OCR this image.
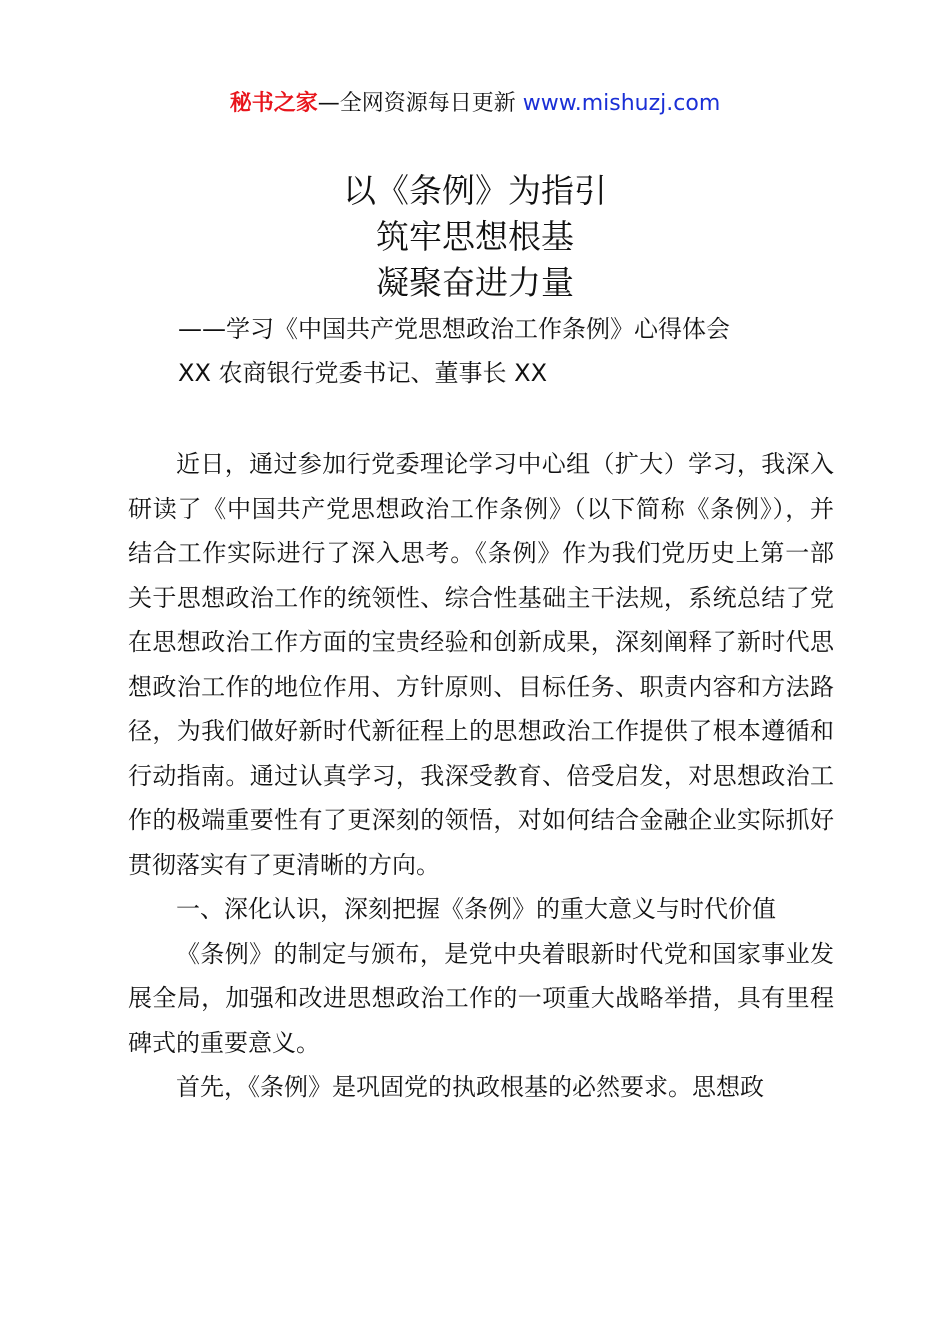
秘书之家—全网资源每日更新 www.mishuzj.com
以《条例》为指引
筑牢思想根基
凝聚奋进力量
——学习《中国共产党思想政治工作条例》心得体会
XX 农商银行党委书记、董事长 XX

近日，通过参加行党委理论学习中心组（扩大）学习，我深入研读了《中国共产党思想政治工作条例》（以下简称《条例》），并结合工作实际进行了深入思考。《条例》作为我们党历史上第一部关于思想政治工作的统领性、综合性基础主干法规，系统总结了党在思想政治工作方面的宝贵经验和创新成果，深刻阐释了新时代思想政治工作的地位作用、方针原则、目标任务、职责内容和方法路径，为我们做好新时代新征程上的思想政治工作提供了根本遵循和行动指南。通过认真学习，我深受教育、倍受启发，对思想政治工作的极端重要性有了更深刻的领悟，对如何结合金融企业实际抓好贯彻落实有了更清晰的方向。

一、深化认识，深刻把握《条例》的重大意义与时代价值

《条例》的制定与颁布，是党中央着眼新时代党和国家事业发展全局，加强和改进思想政治工作的一项重大战略举措，具有里程碑式的重要意义。

首先，《条例》是巩固党的执政根基的必然要求。思想政
